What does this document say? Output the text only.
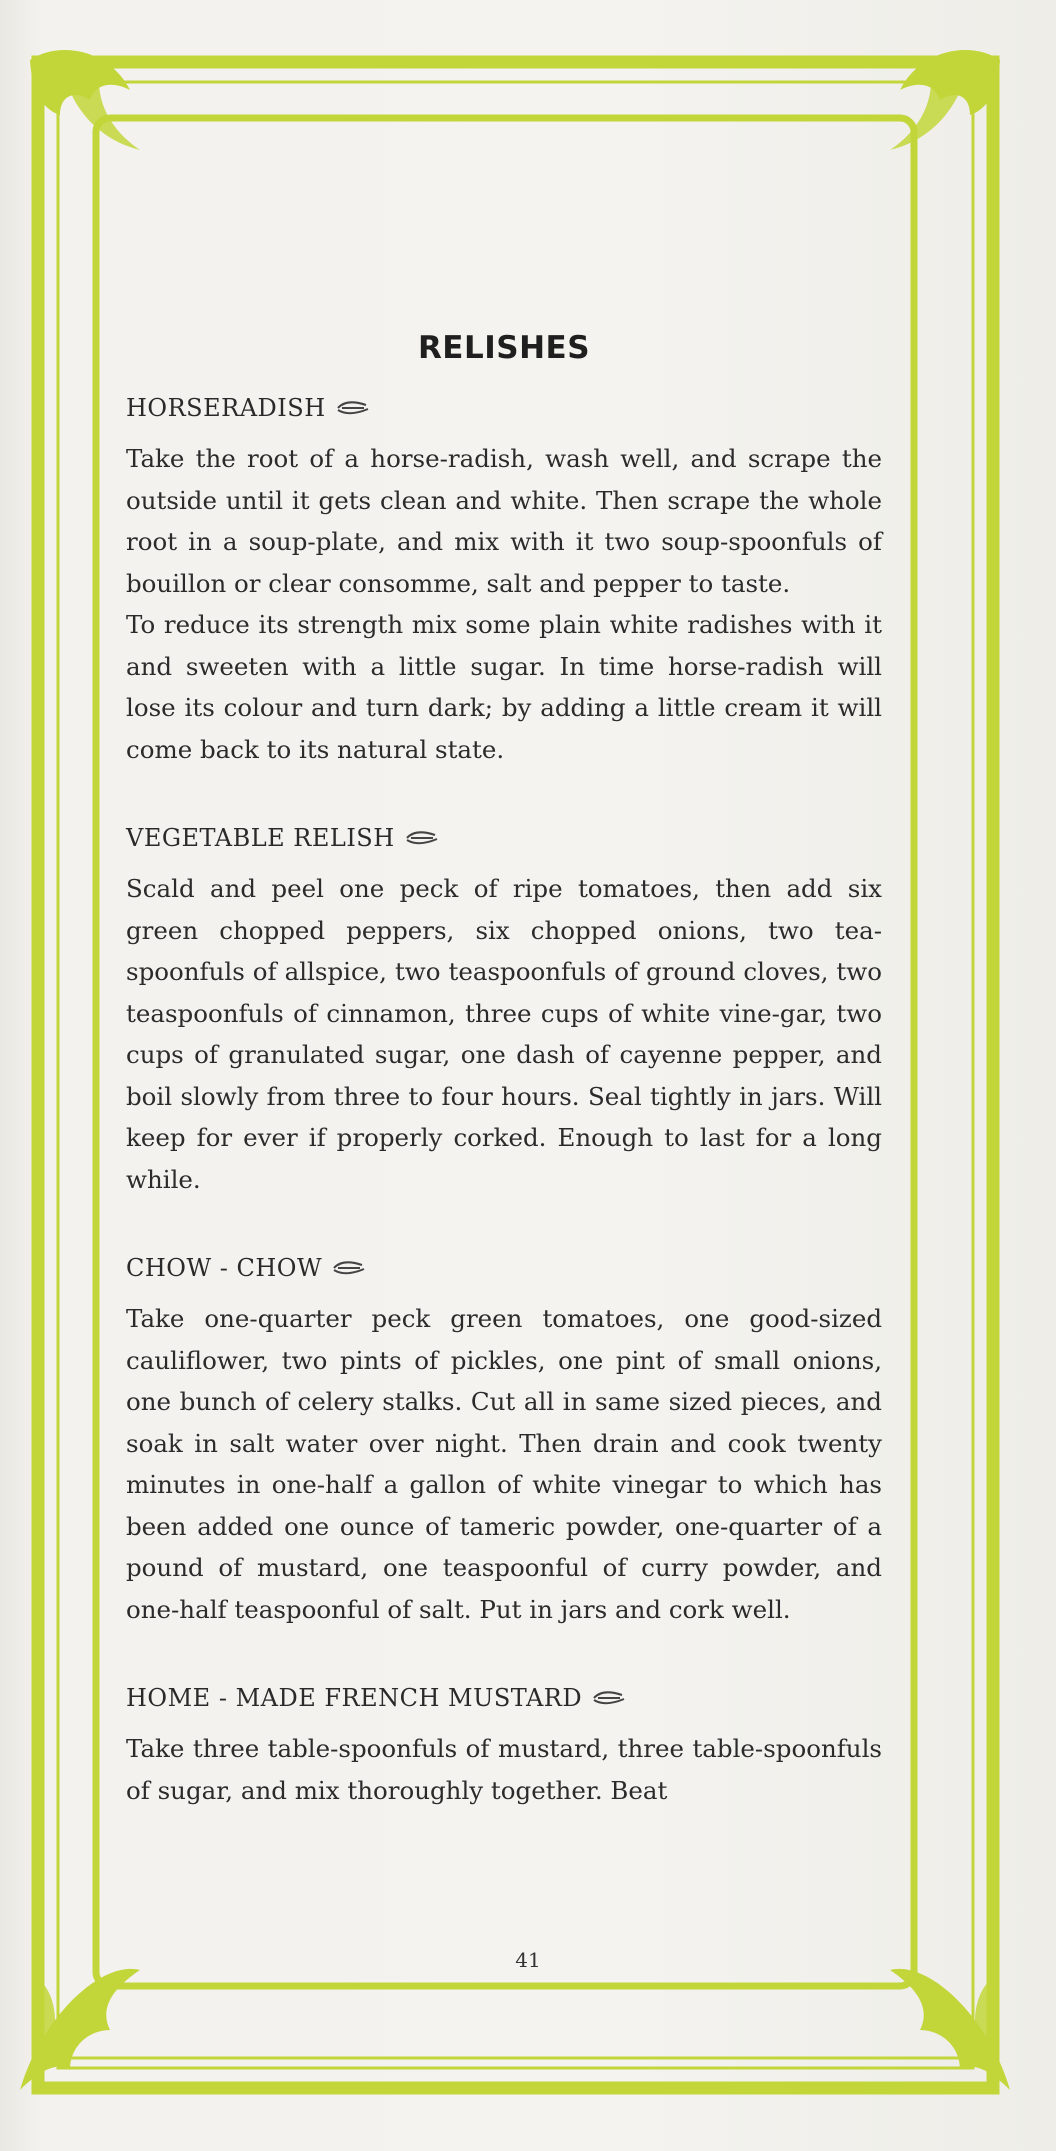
RELISHES
HORSERADISH

Take the root of a horse-radish, wash well, and scrape the outside until it gets clean and white. Then scrape the whole root in a soup-plate, and mix with it two soup-spoonfuls of bouillon or clear consomme, salt and pepper to taste.

To reduce its strength mix some plain white radishes with it and sweeten with a little sugar. In time horse-radish will lose its colour and turn dark; by adding a little cream it will come back to its natural state.

VEGETABLE RELISH

Scald and peel one peck of ripe tomatoes, then add six green chopped peppers, six chopped onions, two tea-spoonfuls of allspice, two teaspoonfuls of ground cloves, two teaspoonfuls of cinnamon, three cups of white vine-gar, two cups of granulated sugar, one dash of cayenne pepper, and boil slowly from three to four hours. Seal tightly in jars. Will keep for ever if properly corked. Enough to last for a long while.

CHOW - CHOW

Take one-quarter peck green tomatoes, one good-sized cauliflower, two pints of pickles, one pint of small onions, one bunch of celery stalks. Cut all in same sized pieces, and soak in salt water over night. Then drain and cook twenty minutes in one-half a gallon of white vinegar to which has been added one ounce of tameric powder, one-quarter of a pound of mustard, one teaspoonful of curry powder, and one-half teaspoonful of salt. Put in jars and cork well.

HOME - MADE FRENCH MUSTARD

Take three table-spoonfuls of mustard, three table-spoonfuls of sugar, and mix thoroughly together. Beat

41
